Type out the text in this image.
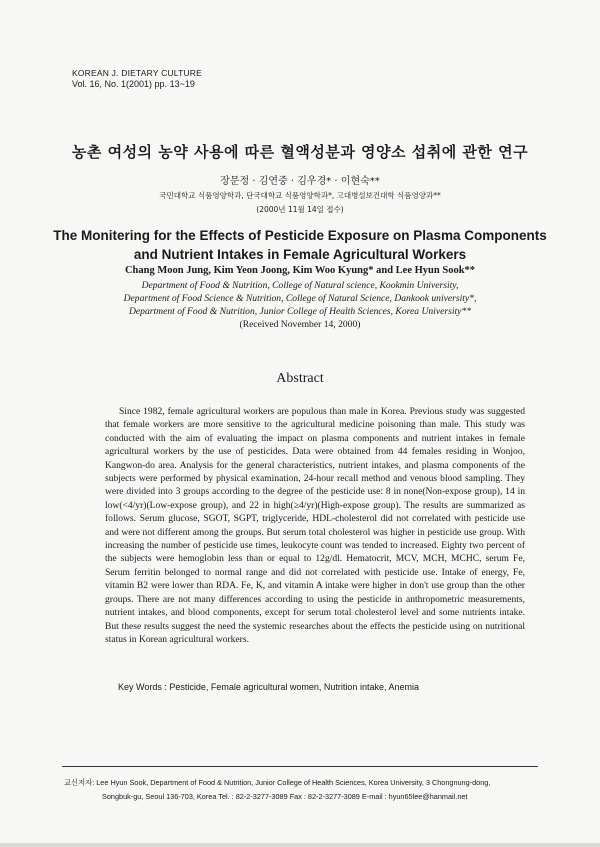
KOREAN J. DIETARY CULTURE
Vol. 16, No. 1(2001) pp. 13~19
농촌 여성의 농약 사용에 따른 혈액성분과 영양소 섭취에 관한 연구
장문정 · 김연중 · 김우경* · 이현숙**
국민대학교 식품영양학과, 단국대학교 식품영양학과*, 고대병설보건대학 식품영양과**
(2000년 11월 14일 접수)
The Monitering for the Effects of Pesticide Exposure on Plasma Components
and Nutrient Intakes in Female Agricultural Workers
Chang Moon Jung, Kim Yeon Joong, Kim Woo Kyung* and Lee Hyun Sook**
Department of Food & Nutrition, College of Natural science, Kookmin University,
Department of Food Science & Nutrition, College of Natural Science, Dankook university*,
Department of Food & Nutrition, Junior College of Health Sciences, Korea University**
(Received November 14, 2000)
Abstract

Since 1982, female agricultural workers are populous than male in Korea. Previous study was suggested that female workers are more sensitive to the agricultural medicine poisoning than male. This study was conducted with the aim of evaluating the impact on plasma components and nutrient intakes in female agricultural workers by the use of pesticides. Data were obtained from 44 females residing in Wonjoo, Kangwon-do area. Analysis for the general characteristics, nutrient intakes, and plasma components of the subjects were performed by physical examination, 24-hour recall method and venous blood sampling. They were divided into 3 groups according to the degree of the pesticide use: 8 in none(Non-expose group), 14 in low(<4/yr)(Low-expose group), and 22 in high(≥4/yr)(High-expose group). The results are summarized as follows. Serum glucose, SGOT, SGPT, triglyceride, HDL-cholesterol did not correlated with pesticide use and were not different among the groups. But serum total cholesterol was higher in pesticide use group. With increasing the number of pesticide use times, leukocyte count was tended to increased. Eighty two percent of the subjects were hemoglobin less than or equal to 12g/dl. Hematocrit, MCV, MCH, MCHC, serum Fe, Serum ferritin belonged to normal range and did not correlated with pesticide use. Intake of energy, Fe, vitamin B2 were lower than RDA. Fe, K, and vitamin A intake were higher in don't use group than the other groups. There are not many differences according to using the pesticide in anthropometric measurements, nutrient intakes, and blood components, except for serum total cholesterol level and some nutrients intake. But these results suggest the need the systemic researches about the effects the pesticide using on nutritional status in Korean agricultural workers.

Key Words : Pesticide, Female agricultural women, Nutrition intake, Anemia
교신저자: Lee Hyun Sook, Department of Food & Nutrition, Junior College of Health Sciences, Korea University, 3 Chongnung-dong,
Songbuk-gu, Seoul 136-703, Korea Tel. : 82-2-3277-3089 Fax : 82-2-3277-3089 E-mail : hyun65lee@hanmail.net
